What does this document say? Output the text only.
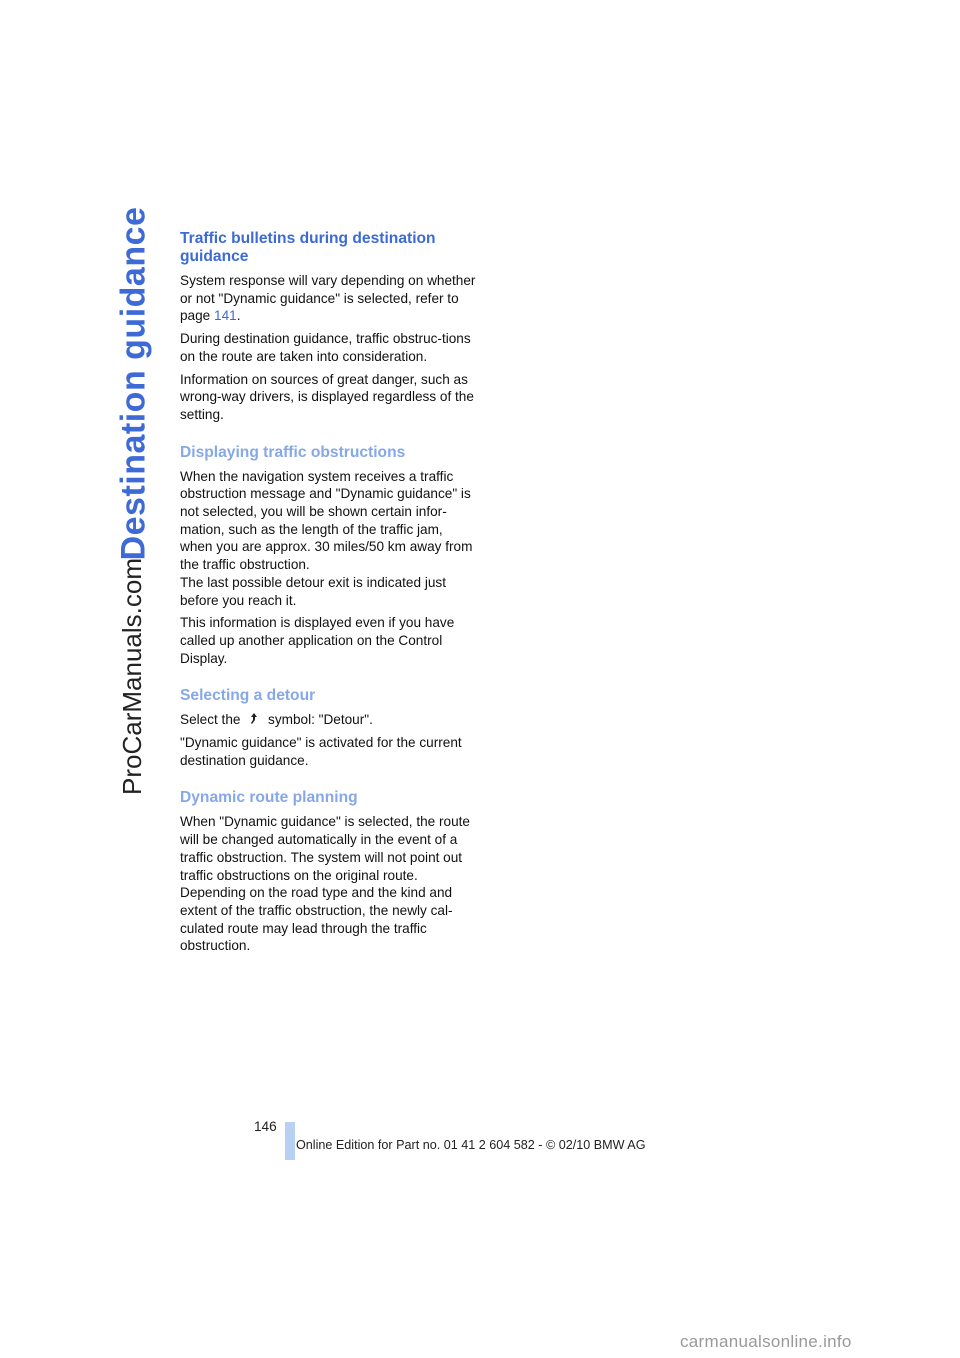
Destination guidance
ProCarManuals.com
Traffic bulletins during destination guidance

System response will vary depending on whether or not "Dynamic guidance" is selected, refer to page 141.

During destination guidance, traffic obstruc-tions on the route are taken into consideration.

Information on sources of great danger, such as wrong-way drivers, is displayed regardless of the setting.

Displaying traffic obstructions

When the navigation system receives a traffic obstruction message and "Dynamic guidance" is not selected, you will be shown certain infor-mation, such as the length of the traffic jam, when you are approx. 30 miles/50 km away from the traffic obstruction.
The last possible detour exit is indicated just before you reach it.

This information is displayed even if you have called up another application on the Control Display.

Selecting a detour

Select the symbol: "Detour".

"Dynamic guidance" is activated for the current destination guidance.

Dynamic route planning

When "Dynamic guidance" is selected, the route will be changed automatically in the event of a traffic obstruction. The system will not point out traffic obstructions on the original route. Depending on the road type and the kind and extent of the traffic obstruction, the newly cal-culated route may lead through the traffic obstruction.

146
Online Edition for Part no. 01 41 2 604 582 - © 02/10 BMW AG
carmanualsonline.info
